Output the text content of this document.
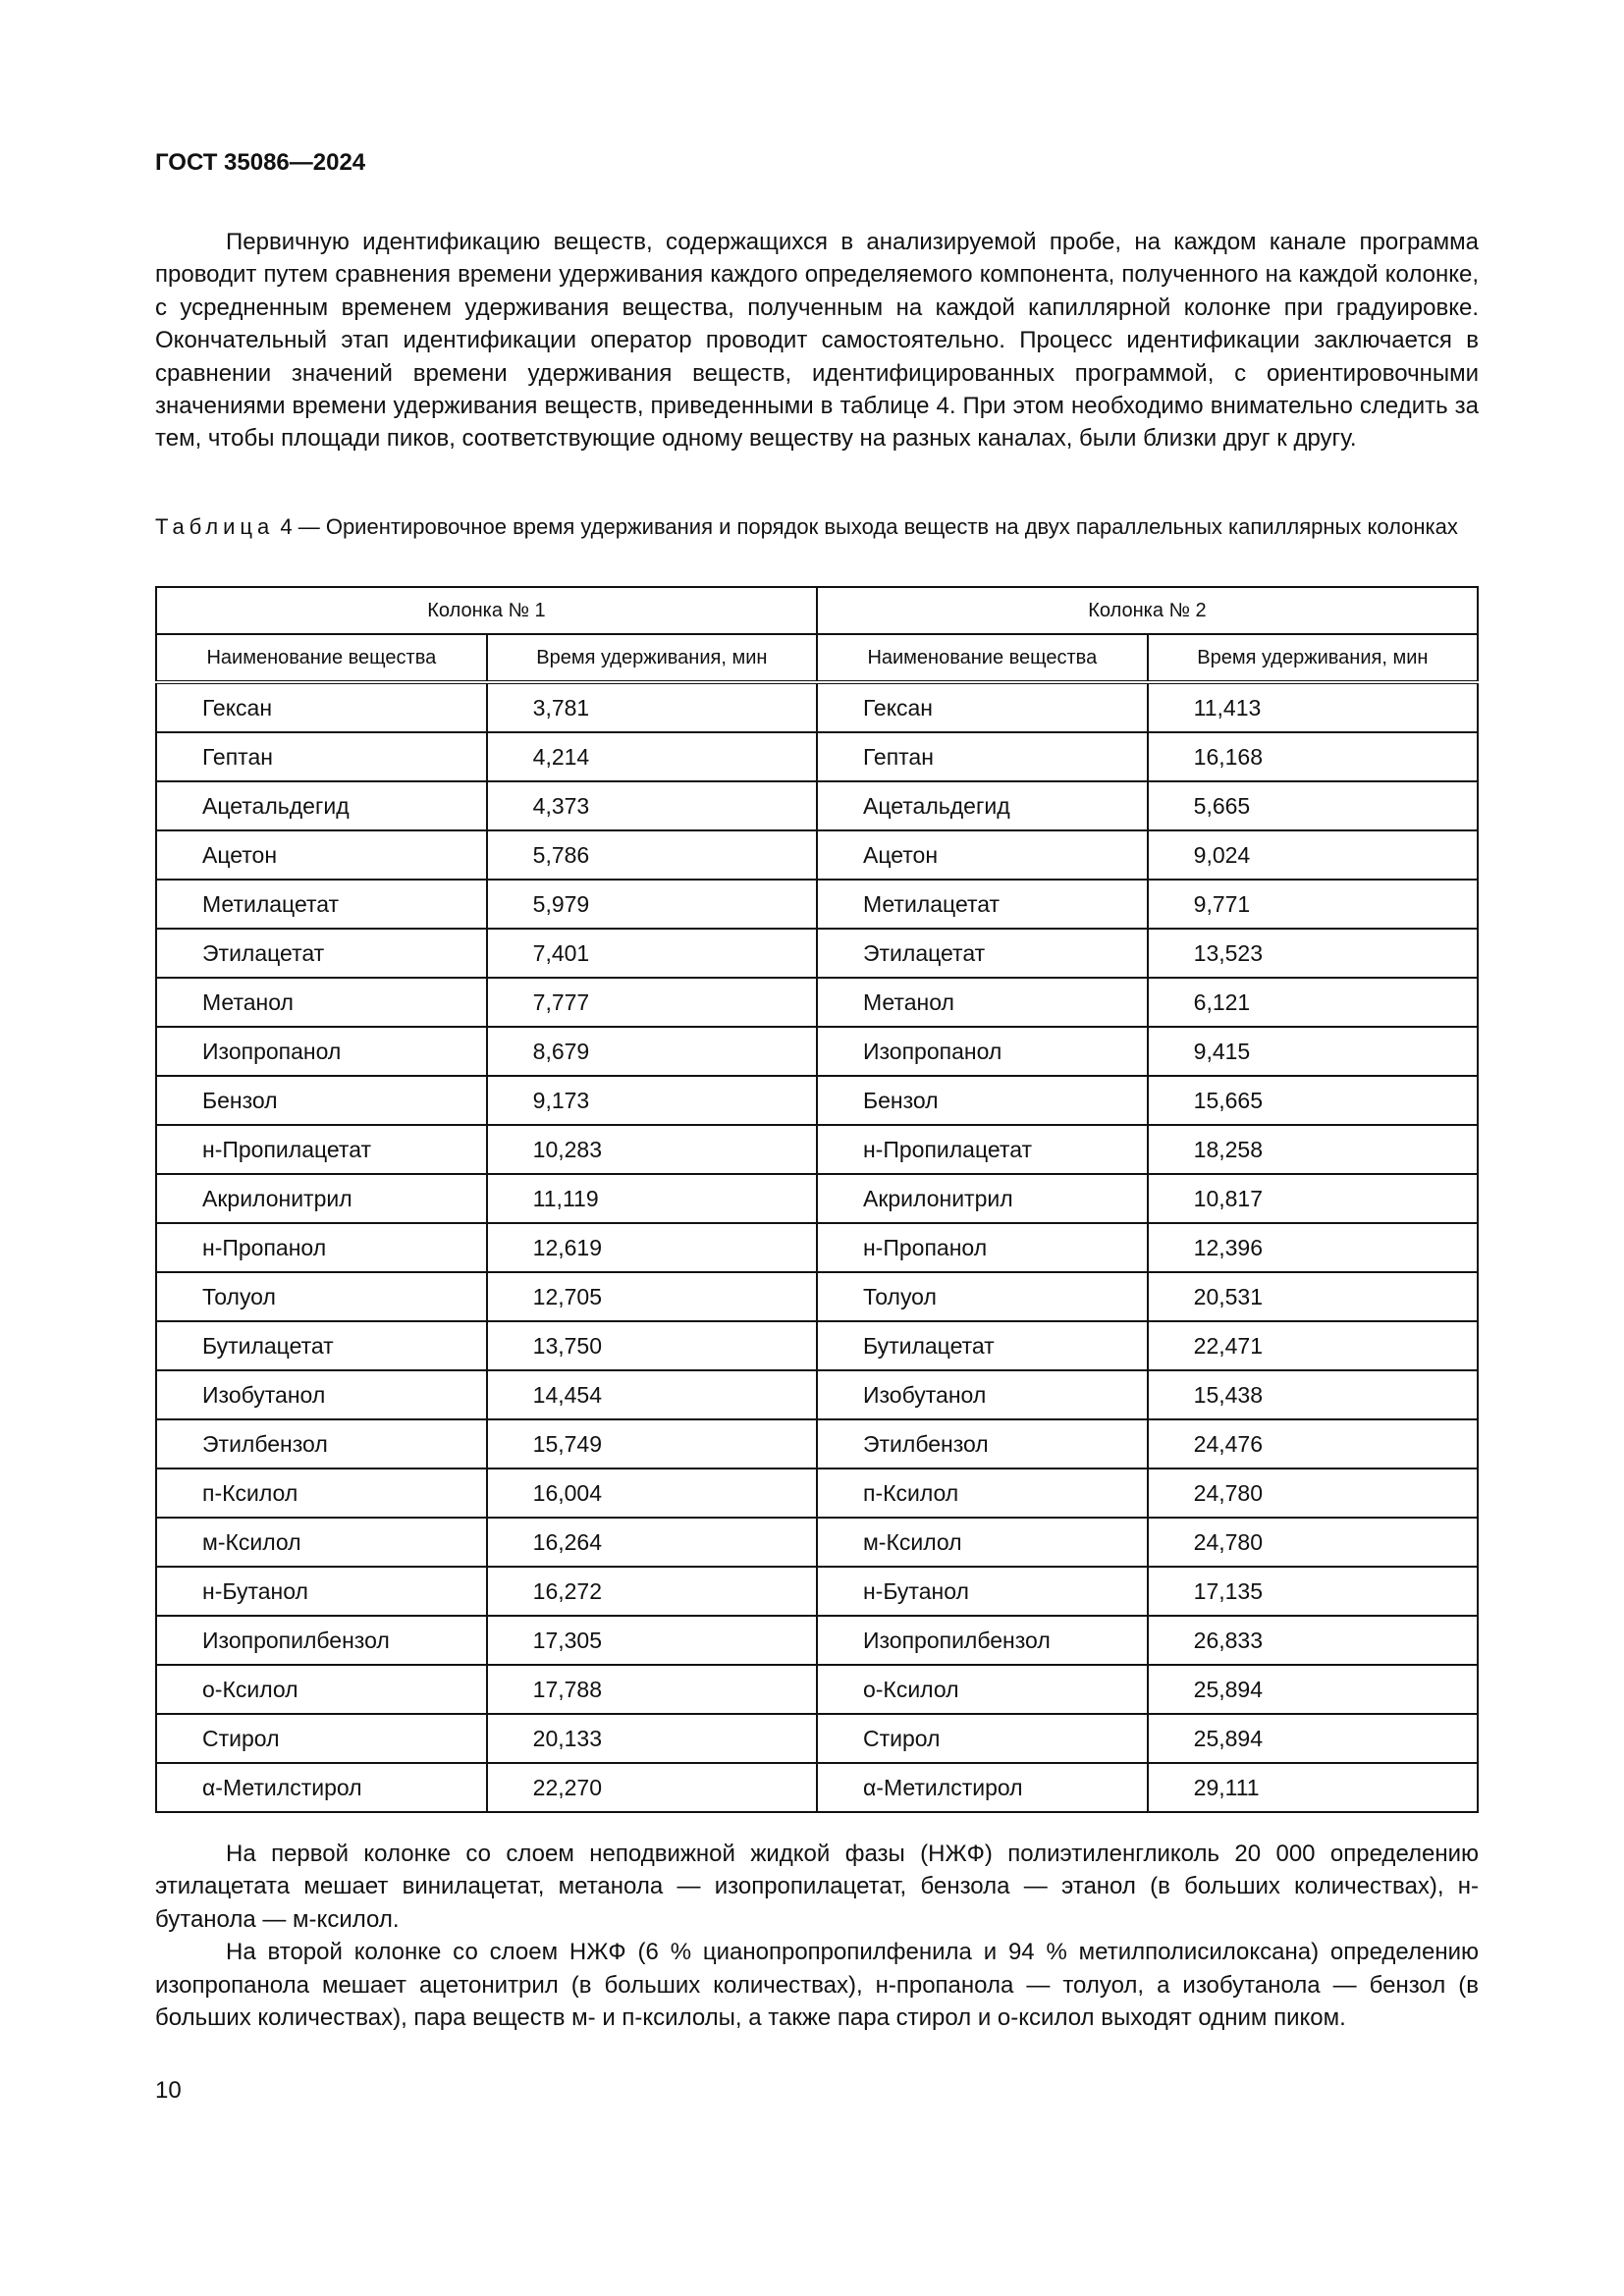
ГОСТ 35086—2024

Первичную идентификацию веществ, содержащихся в анализируемой пробе, на каждом канале программа проводит путем сравнения времени удерживания каждого определяемого компонента, полученного на каждой колонке, с усредненным временем удерживания вещества, полученным на каждой капиллярной колонке при градуировке. Окончательный этап идентификации оператор проводит самостоятельно. Процесс идентификации заключается в сравнении значений времени удерживания веществ, идентифицированных программой, с ориентировочными значениями времени удерживания веществ, приведенными в таблице 4. При этом необходимо внимательно следить за тем, чтобы площади пиков, соответствующие одному веществу на разных каналах, были близки друг к другу.

Таблица 4 — Ориентировочное время удерживания и порядок выхода веществ на двух параллельных капиллярных колонках
Колонка № 1		Колонка № 2	
Наименование вещества	Время удерживания, мин	Наименование вещества	Время удерживания, мин
Гексан	3,781	Гексан	11,413
Гептан	4,214	Гептан	16,168
Ацетальдегид	4,373	Ацетальдегид	5,665
Ацетон	5,786	Ацетон	9,024
Метилацетат	5,979	Метилацетат	9,771
Этилацетат	7,401	Этилацетат	13,523
Метанол	7,777	Метанол	6,121
Изопропанол	8,679	Изопропанол	9,415
Бензол	9,173	Бензол	15,665
н-Пропилацетат	10,283	н-Пропилацетат	18,258
Акрилонитрил	11,119	Акрилонитрил	10,817
н-Пропанол	12,619	н-Пропанол	12,396
Толуол	12,705	Толуол	20,531
Бутилацетат	13,750	Бутилацетат	22,471
Изобутанол	14,454	Изобутанол	15,438
Этилбензол	15,749	Этилбензол	24,476
п-Ксилол	16,004	п-Ксилол	24,780
м-Ксилол	16,264	м-Ксилол	24,780
н-Бутанол	16,272	н-Бутанол	17,135
Изопропилбензол	17,305	Изопропилбензол	26,833
о-Ксилол	17,788	о-Ксилол	25,894
Стирол	20,133	Стирол	25,894
α-Метилстирол	22,270	α-Метилстирол	29,111

На первой колонке со слоем неподвижной жидкой фазы (НЖФ) полиэтиленгликоль 20 000 определению этилацетата мешает винилацетат, метанола — изопропилацетат, бензола — этанол (в больших количествах), н-бутанола — м-ксилол.

На второй колонке со слоем НЖФ (6 % цианопропропилфенила и 94 % метилполисилоксана) определению изопропанола мешает ацетонитрил (в больших количествах), н-пропанола — толуол, а изобутанола — бензол (в больших количествах), пара веществ м- и п-ксилолы, а также пара стирол и о-ксилол выходят одним пиком.

10
